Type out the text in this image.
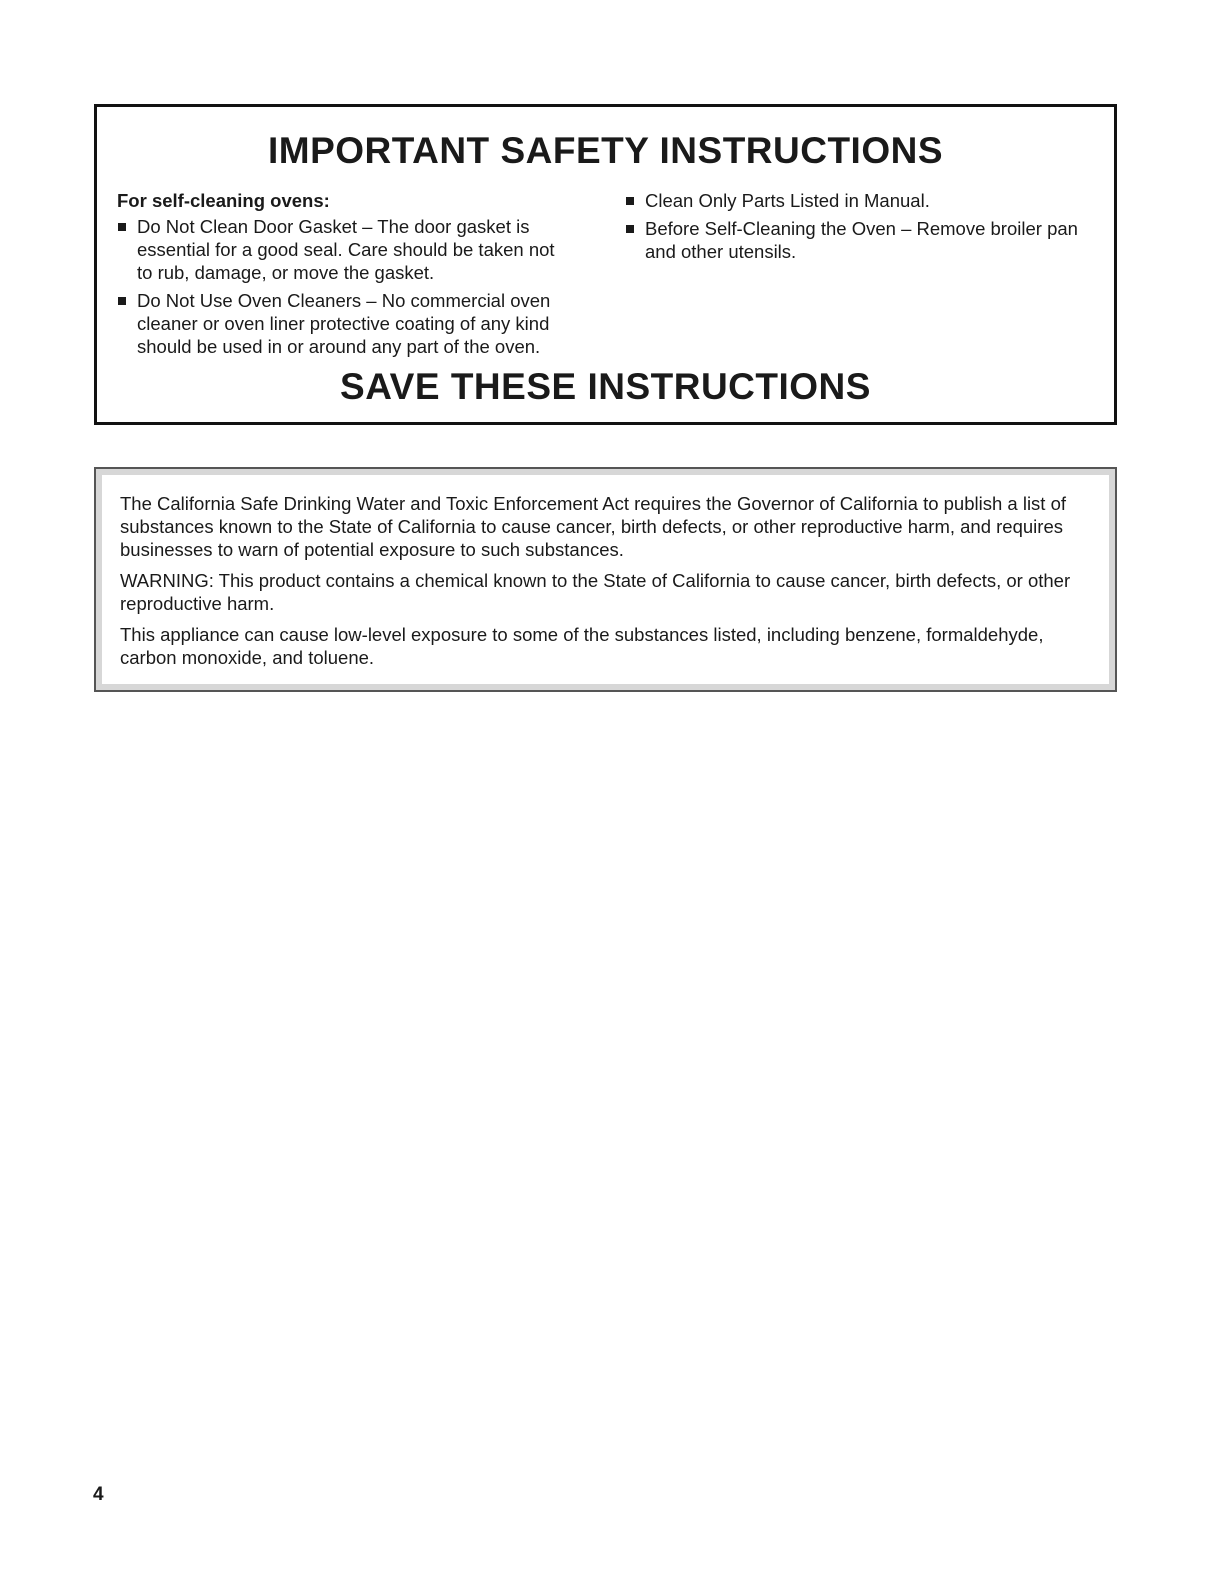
IMPORTANT SAFETY INSTRUCTIONS
For self-cleaning ovens:
Do Not Clean Door Gasket – The door gasket is essential for a good seal. Care should be taken not to rub, damage, or move the gasket.
Do Not Use Oven Cleaners – No commercial oven cleaner or oven liner protective coating of any kind should be used in or around any part of the oven.
Clean Only Parts Listed in Manual.
Before Self-Cleaning the Oven – Remove broiler pan and other utensils.
SAVE THESE INSTRUCTIONS

The California Safe Drinking Water and Toxic Enforcement Act requires the Governor of California to publish a list of substances known to the State of California to cause cancer, birth defects, or other reproductive harm, and requires businesses to warn of potential exposure to such substances.

WARNING: This product contains a chemical known to the State of California to cause cancer, birth defects, or other reproductive harm.

This appliance can cause low-level exposure to some of the substances listed, including benzene, formaldehyde, carbon monoxide, and toluene.

4
